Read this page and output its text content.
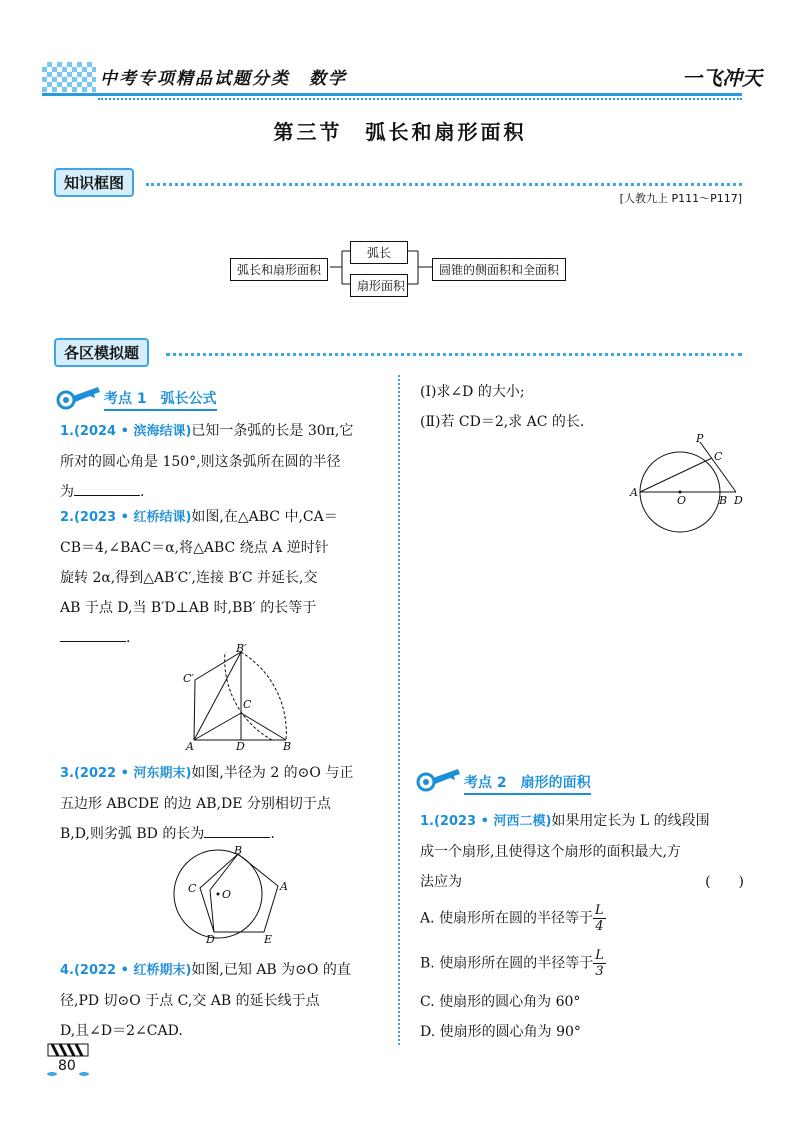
中考专项精品试题分类　数学	一飞冲天
第三节　弧长和扇形面积
知识框图
[人教九上 P111～P117]
弧长和扇形面积
弧长
扇形面积
圆锥的侧面积和全面积
各区模拟题
考点 1　弧长公式
1.(2024 • 滨海结课)已知一条弧的长是 30π,它
所对的圆心角是 150°,则这条弧所在圆的半径
为	.
2.(2023 • 红桥结课)如图,在△ABC 中,CA＝
CB＝4,∠BAC＝α,将△ABC 绕点 A 逆时针
旋转 2α,得到△AB′C′,连接 B′C 并延长,交
AB 于点 D,当 B′D⊥AB 时,BB′ 的长等于
.
A	D	B
C
B′
C′
3.(2022 • 河东期末)如图,半径为 2 的⊙O 与正
五边形 ABCDE 的边 AB,DE 分别相切于点
B,D,则劣弧 BD 的长为	.
B
A
E
D
C O
4.(2022 • 红桥期末)如图,已知 AB 为⊙O 的直
径,PD 切⊙O 于点 C,交 AB 的延长线于点
D,且∠D＝2∠CAD.
(Ⅰ)求∠D 的大小;
(Ⅱ)若 CD＝2,求 AC 的长.
A
O	B D
C
P
考点 2　扇形的面积
1.(2023 • 河西二模)如果用定长为 L 的线段围
成一个扇形,且使得这个扇形的面积最大,方
法应为	(　　)
A. 使扇形所在圆的半径等于 $\frac{L}{4}$
B. 使扇形所在圆的半径等于 $\frac{L}{3}$
C. 使扇形的圆心角为 60°
D. 使扇形的圆心角为 90°
80
